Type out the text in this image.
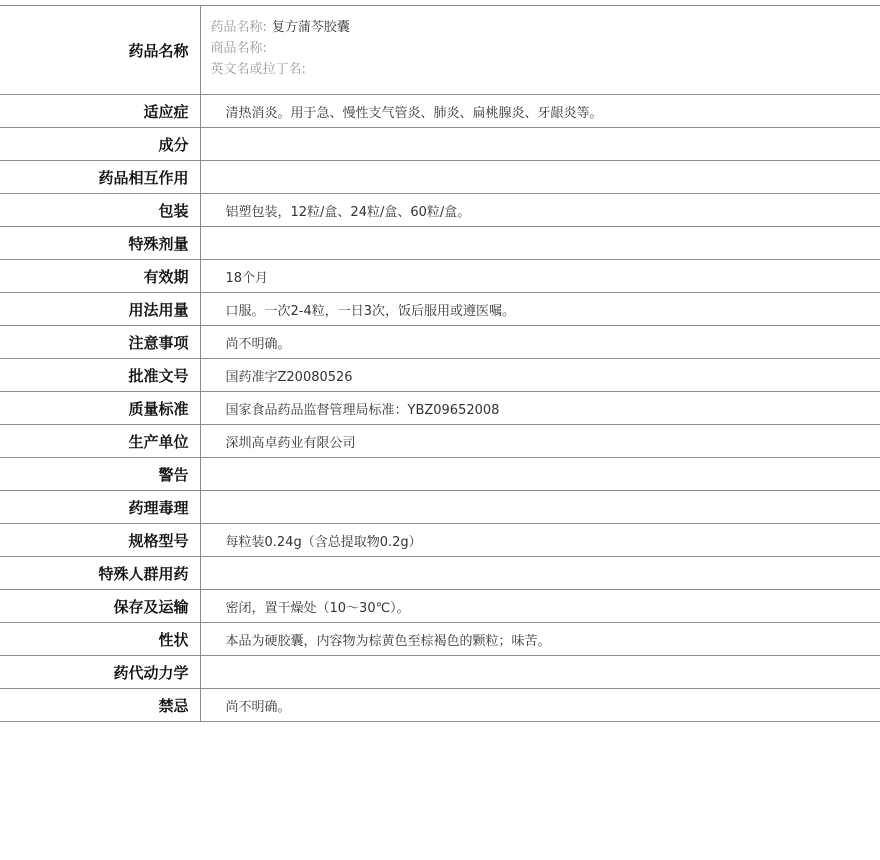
药品名称	药品名称: 复方蒲芩胶囊
商品名称:
英文名或拉丁名:

适应症	清热消炎。用于急、慢性支气管炎、肺炎、扁桃腺炎、牙龈炎等。
成分	
药品相互作用	
包装	铝塑包装，12粒/盒、24粒/盒、60粒/盒。
特殊剂量	
有效期	18个月
用法用量	口服。一次2-4粒，一日3次，饭后服用或遵医嘱。
注意事项	尚不明确。
批准文号	国药准字Z20080526
质量标准	国家食品药品监督管理局标准：YBZ09652008
生产单位	深圳高卓药业有限公司
警告	
药理毒理	
规格型号	每粒装0.24g（含总提取物0.2g）
特殊人群用药	
保存及运输	密闭，置干燥处（10～30℃）。
性状	本品为硬胶囊，内容物为棕黄色至棕褐色的颗粒；味苦。
药代动力学	
禁忌	尚不明确。
